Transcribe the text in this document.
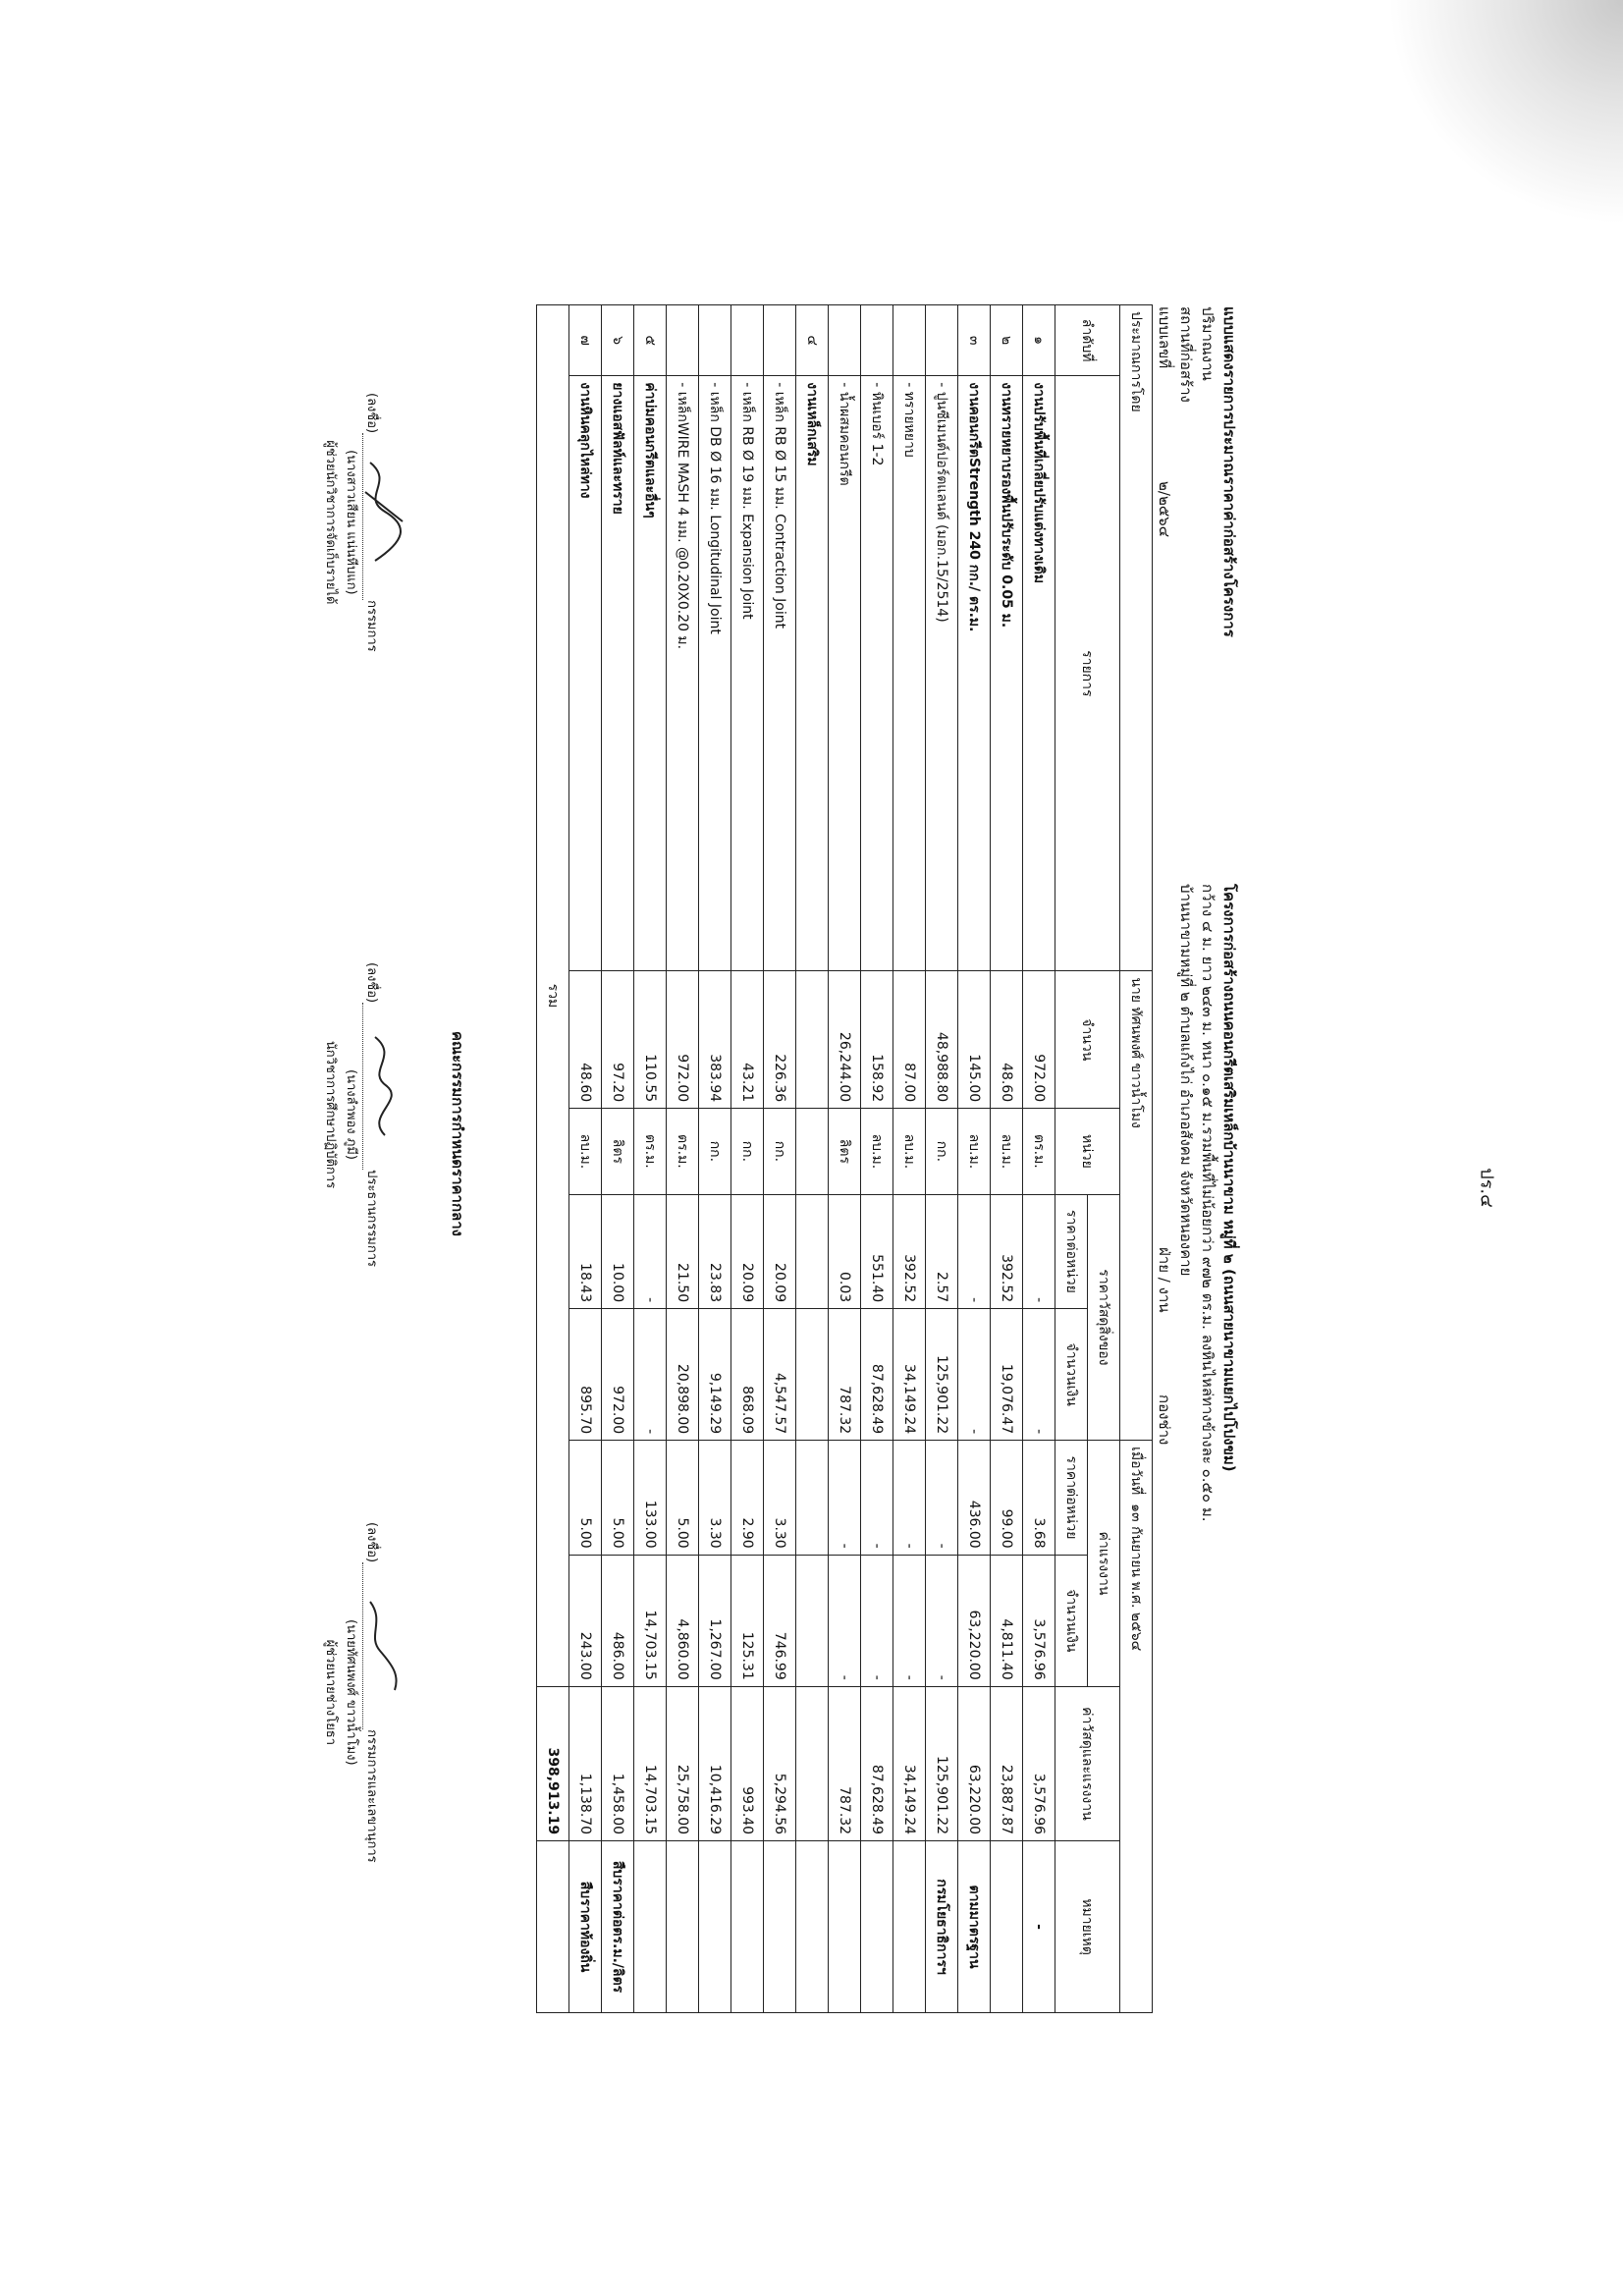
ปร.๔
แบบแสดงรายการประมาณราคาค่าก่อสร้างโครงการ
โครงการก่อสร้างถนนคอนกรีตเสริมเหล็กบ้านนาขาม หมู่ที่ ๒ (ถนนสายนาขามแยกไปโปงขม)
ปริมาณงาน
กว้าง ๔ ม. ยาว ๒๔๓ ม. หนา ๐.๑๕ ม.รวมพื้นที่ไม่น้อยกว่า ๙๗๒ ตร.ม. ลงหินไหล่ทางข้างละ ๐.๕๐ ม.
สถานที่ก่อสร้าง
บ้านนาขามหมู่ที่ ๒ ตำบลแก้งไก่ อำเภอสังคม จังหวัดหนองคาย
แบบเลขที่
๒/๒๕๖๔
ฝ่าย / งาน
กองช่าง
ประมาณการโดย		นาย ทัศนพงศ์ ขาวน้ำโมง				เมื่อวันที่  ๑๓ กันยายน พ.ศ. ๒๕๖๔			
ลำดับที่	รายการ	จำนวน	หน่วย	ราคาวัสดุสิ่งของ		ค่าแรงงาน		ค่าวัสดุและแรงงาน	หมายเหตุ
				ราคาต่อหน่วย	จำนวนเงิน	ราคาต่อหน่วย	จำนวนเงิน		
๑	งานปรับพื้นที่เกลี่ยปรับแต่งทางเดิม	972.00	ตร.ม.	-	-	3.68	3,576.96	3,576.96	-
๒	งานทรายหยาบรองพื้นปรับระดับ 0.05 ม.	48.60	ลบ.ม.	392.52	19,076.47	99.00	4,811.40	23,887.87	
๓	งานคอนกรีตStrength 240 กก./ ตร.ม.	145.00	ลบ.ม.	-	-	436.00	63,220.00	63,220.00	ตามมาตรฐาน
	- ปูนซีเมนต์ปอร์ตแลนด์ (มอก.15/2514)	48,988.80	กก.	2.57	125,901.22	-	-	125,901.22	กรมโยธาธิการฯ
	- ทรายหยาบ	87.00	ลบ.ม.	392.52	34,149.24	-	-	34,149.24	
	- หินเบอร์ 1-2	158.92	ลบ.ม.	551.40	87,628.49	-	-	87,628.49	
	- น้ำผสมคอนกรีต	26,244.00	ลิตร	0.03	787.32	-	-	787.32	
๔	งานเหล็กเสริม								
	- เหล็ก RB Ø 15 มม. Contraction Joint	226.36	กก.	20.09	4,547.57	3.30	746.99	5,294.56	
	- เหล็ก RB Ø 19 มม. Expansion Joint	43.21	กก.	20.09	868.09	2.90	125.31	993.40	
	- เหล็ก DB Ø 16 มม. Longitudinal Joint	383.94	กก.	23.83	9,149.29	3.30	1,267.00	10,416.29	
	- เหล็กWIRE MASH 4 มม. @0.20X0.20 ม.	972.00	ตร.ม.	21.50	20,898.00	5.00	4,860.00	25,758.00	
๕	ค่าบ่มคอนกรีตและอื่นๆ	110.55	ตร.ม.	-	-	133.00	14,703.15	14,703.15	
๖	ยางแอสฟัลท์และทราย	97.20	ลิตร	10.00	972.00	5.00	486.00	1,458.00	สืบราคาต่อตร.ม./ลิตร
๗	งานหินคลุกไหล่ทาง	48.60	ลบ.ม.	18.43	895.70	5.00	243.00	1,138.70	สืบราคาท้องถิ่น
รวม								398,913.19	
คณะกรรมการกำหนดราคากลาง
(ลงชื่อ)
กรรมการ
(นางสาวเสียน แน่นหีบแก)
ผู้ช่วยนักวิชาการจัดเก็บรายได้
(ลงชื่อ)
ประธานกรรมการ
(นางลำพอง ภูมี)
นักวิชาการศึกษาปฏิบัติการ
(ลงชื่อ)
กรรมการและเลขานุการ
(นายทัศนพงศ์ ขาวน้ำโมง)
ผู้ช่วยนายช่างโยธา
